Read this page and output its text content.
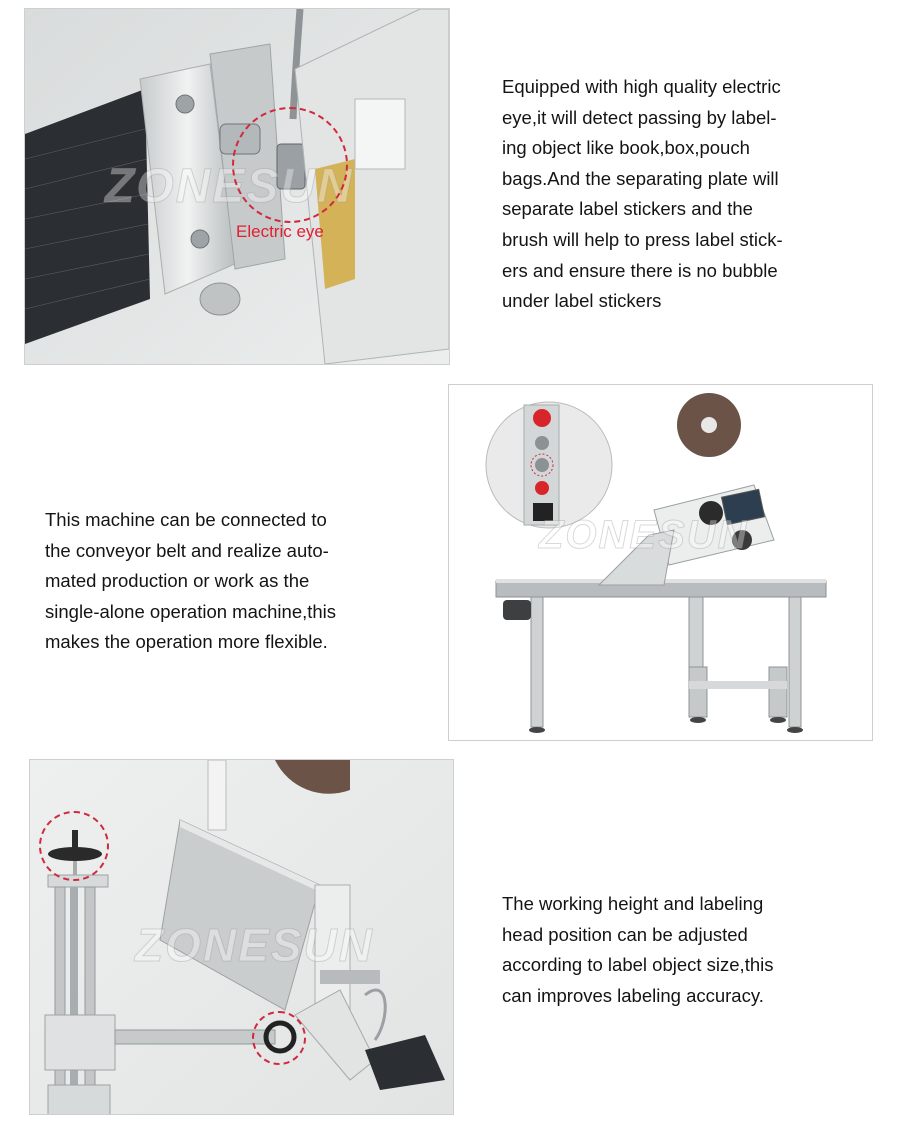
ZONESUN
Electric eye

Equipped with high quality electric

eye,it will detect passing by label-

ing object like book,box,pouch

bags.And the separating plate will

separate label stickers and the

brush will help to press label stick-

ers and ensure there is no bubble

under label stickers

This machine can be connected to

the conveyor belt and realize auto-

mated production or work as the

single-alone operation machine,this

makes the operation more flexible.

ZONESUN
ZONESUN

The working height and labeling

head position can be adjusted

according to label object size,this

can improves labeling accuracy.
